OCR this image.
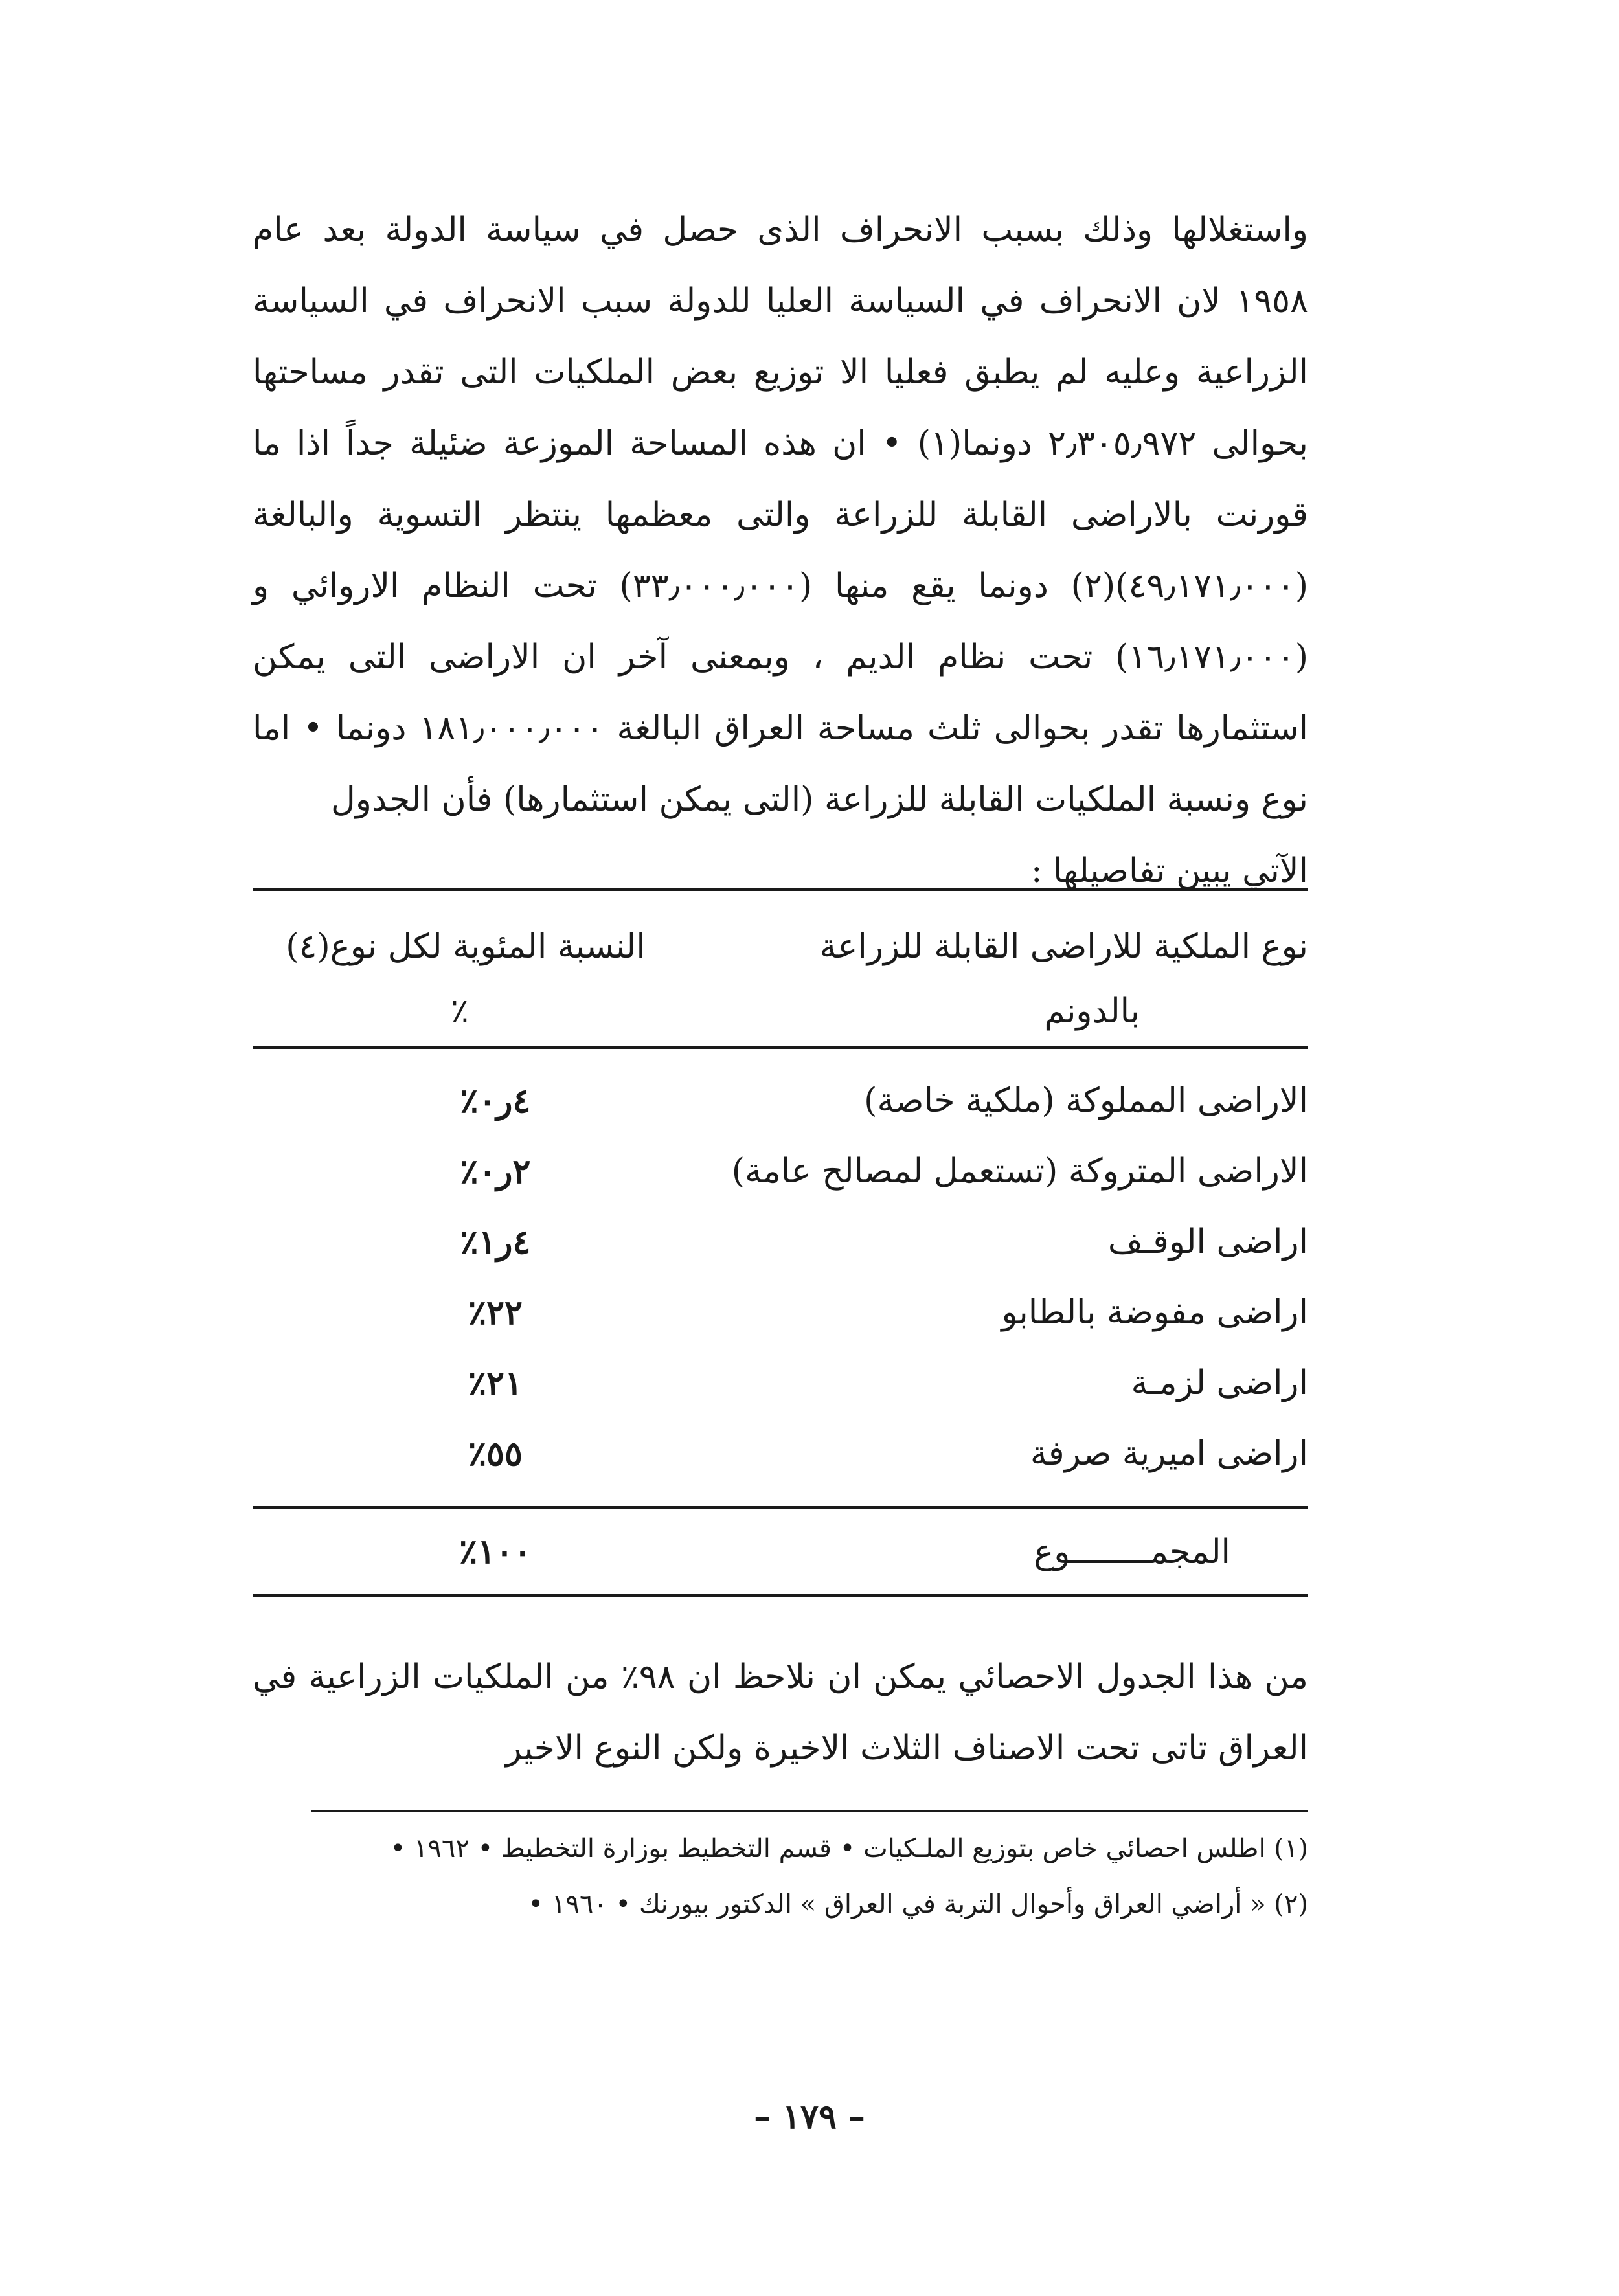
واستغلالها وذلك بسبب الانحراف الذى حصل في سياسة الدولة بعد عام ١٩٥٨ لان الانحراف في السياسة العليا للدولة سبب الانحراف في السياسة الزراعية وعليه لم يطبق فعليا الا توزيع بعض الملكيات التى تقدر مساحتها بحوالى ٢٫٣٠٥٫٩٧٢ دونما(١) • ان هذه المساحة الموزعة ضئيلة جداً اذا ما قورنت بالاراضى القابلة للزراعة والتى معظمها ينتظر التسوية والبالغة (٤٩٫١٧١٫٠٠٠)(٢) دونما يقع منها (٣٣٫٠٠٠٫٠٠٠) تحت النظام الاروائي و (١٦٫١٧١٫٠٠٠) تحت نظام الديم ، وبمعنى آخر ان الاراضى التى يمكن استثمارها تقدر بحوالى ثلث مساحة العراق البالغة ١٨١٫٠٠٠٫٠٠٠ دونما • اما نوع ونسبة الملكيات القابلة للزراعة (التى يمكن استثمارها) فأن الجدول

الآتي يبين تفاصيلها :

نوع الملكية للاراضى القابلة للزراعة
بالدونم
النسبة المئوية لكل نوع(٤)
٪
الاراضى المملوكة (ملكية خاصة)
٤ر٠٪
الاراضى المتروكة (تستعمل لمصالح عامة)
٢ر٠٪
اراضى الوقـف
٤ر١٪
اراضى مفوضة بالطابو
٢٢٪
اراضى لزمـة
٢١٪
اراضى اميرية صرفة
٥٥٪
المجمــــــــوع
١٠٠٪

من هذا الجدول الاحصائي يمكن ان نلاحظ ان ٩٨٪ من الملكيات الزراعية في العراق تاتى تحت الاصناف الثلاث الاخيرة ولكن النوع الاخير

(١) اطلس احصائي خاص بتوزيع الملـكيات • قسم التخطيط بوزارة التخطيط • ١٩٦٢ •

(٢) « أراضي العراق وأحوال التربة في العراق » الدكتور بيورنك • ١٩٦٠ •

– ١٧٩ –
